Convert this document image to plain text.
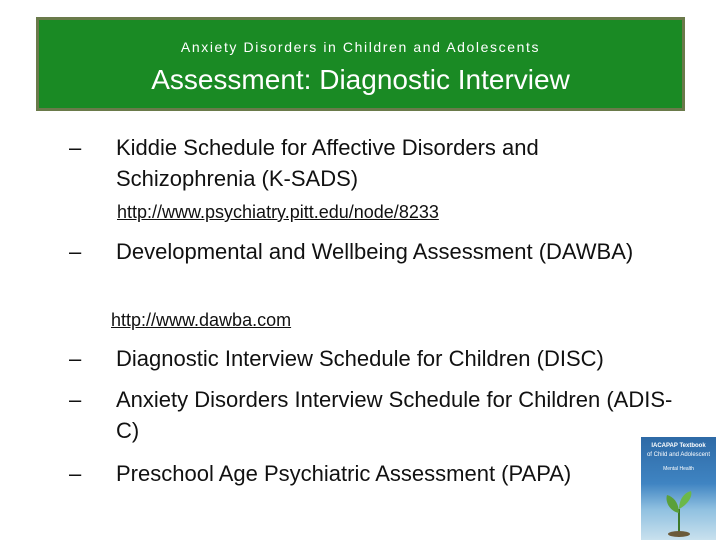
Anxiety Disorders in Children and Adolescents
Assessment: Diagnostic Interview
– Kiddie Schedule for Affective Disorders and Schizophrenia (K-SADS)
http://www.psychiatry.pitt.edu/node/8233
– Developmental and Wellbeing Assessment (DAWBA)
http://www.dawba.com
– Diagnostic Interview Schedule for Children (DISC)
– Anxiety Disorders Interview Schedule for Children (ADIS-C)
– Preschool Age Psychiatric Assessment (PAPA)
IACAPAP Textbook
of Child and Adolescent
Mental Health
